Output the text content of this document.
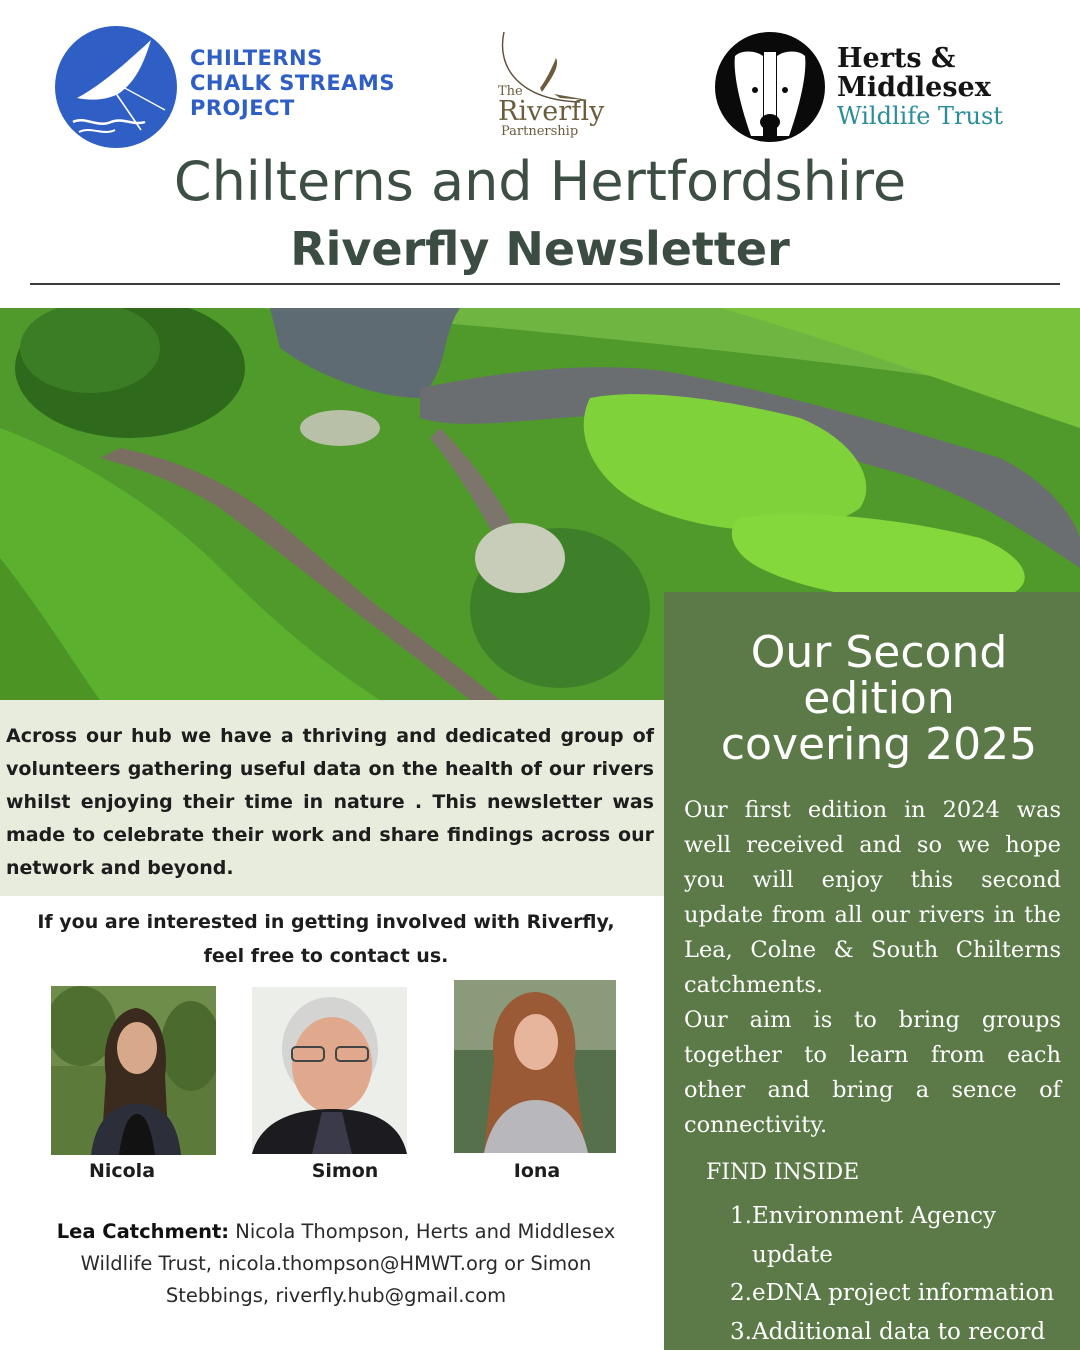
CHILTERNS
CHALK STREAMS
PROJECT
The
Riverfly
Partnership
Herts &
Middlesex
Wildlife Trust
Chilterns and Hertfordshire
Riverfly Newsletter
Across our hub we have a thriving and dedicated group of volunteers gathering useful data on the health of our rivers whilst enjoying their time in nature . This newsletter was made to celebrate their work and share findings across our network and beyond.
If you are interested in getting involved with Riverfly,
feel free to contact us.
Nicola	Simon	Iona
Lea Catchment: Nicola Thompson, Herts and Middlesex Wildlife Trust, nicola.thompson@HMWT.org or Simon Stebbings, riverfly.hub@gmail.com
Our Second
edition
covering 2025

Our first edition in 2024 was well received and so we hope you will enjoy this second update from all our rivers in the Lea, Colne & South Chilterns catchments.

Our aim is to bring groups together to learn from each other and bring a sence of connectivity.

FIND INSIDE
1. Environment Agency update
2. eDNA project information
3. Additional data to record
